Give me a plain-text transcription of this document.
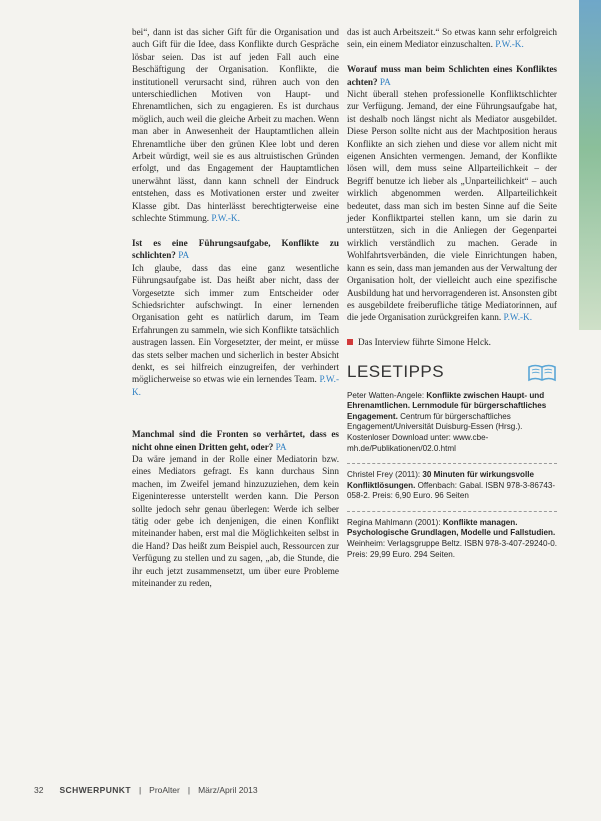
bei“, dann ist das sicher Gift für die Organisation und auch Gift für die Idee, dass Konflikte durch Gespräche lösbar seien. Das ist auf jeden Fall auch eine Beschäftigung der Organisation. Konflikte, die institutionell verursacht sind, rühren auch von den unterschiedlichen Motiven von Haupt- und Ehrenamtlichen, sich zu engagieren. Es ist durchaus möglich, auch weil die gleiche Arbeit zu machen. Wenn man aber in Anwesenheit der Hauptamtlichen allein Ehrenamtliche über den grünen Klee lobt und deren Arbeit würdigt, weil sie es aus altruistischen Gründen erfolgt, und das Engagement der Hauptamtlichen unerwähnt lässt, dann kann schnell der Eindruck entstehen, dass es Motivationen erster und zweiter Klasse gibt. Das hinterlässt berechtigterweise eine schlechte Stimmung. P.W.-K.

Ist es eine Führungsaufgabe, Konflikte zu schlichten? PA

Ich glaube, dass das eine ganz wesentliche Führungsaufgabe ist. Das heißt aber nicht, dass der Vorgesetzte sich immer zum Entscheider oder Schiedsrichter aufschwingt. In einer lernenden Organisation geht es natürlich darum, im Team Erfahrungen zu sammeln, wie sich Konflikte tatsächlich austragen lassen. Ein Vorgesetzter, der meint, er müsse das stets selber machen und sicherlich in bester Absicht denkt, es sei hilfreich einzugreifen, der verhindert möglicherweise so etwas wie ein lernendes Team. P.W.-K.

Manchmal sind die Fronten so verhärtet, dass es nicht ohne einen Dritten geht, oder? PA

Da wäre jemand in der Rolle einer Mediatorin bzw. eines Mediators gefragt. Es kann durchaus Sinn machen, im Zweifel jemand hinzuzuziehen, dem kein Eigeninteresse unterstellt werden kann. Die Person sollte jedoch sehr genau überlegen: Werde ich selber tätig oder gebe ich denjenigen, die einen Konflikt miteinander haben, erst mal die Möglichkeiten selbst in die Hand? Das heißt zum Beispiel auch, Ressourcen zur Verfügung zu stellen und zu sagen, „ab, die Stunde, die ihr euch jetzt zusammensetzt, um über eure Probleme miteinander zu reden,

das ist auch Arbeitszeit.“ So etwas kann sehr erfolgreich sein, ein einem Mediator einzuschalten. P.W.-K.

Worauf muss man beim Schlichten eines Konfliktes achten? PA

Nicht überall stehen professionelle Konfliktschlichter zur Verfügung. Jemand, der eine Führungsaufgabe hat, ist deshalb noch längst nicht als Mediator ausgebildet. Diese Person sollte nicht aus der Machtposition heraus Konflikte an sich ziehen und diese vor allem nicht mit eigenen Ansichten vermengen. Jemand, der Konflikte lösen will, dem muss seine Allparteilichkeit – der Begriff benutze ich lieber als „Unparteilichkeit“ – auch wirklich abgenommen werden. Allparteilichkeit bedeutet, dass man sich im besten Sinne auf die Seite jeder Konfliktpartei stellen kann, um sie darin zu unterstützen, sich in die Anliegen der Gegenpartei wirklich verständlich zu machen. Gerade in Wohlfahrtsverbänden, die viele Einrichtungen haben, kann es sein, dass man jemanden aus der Verwaltung der Organisation holt, der vielleicht auch eine spezifische Ausbildung hat und hervorragenderen ist. Ansonsten gibt es ausgebildete freiberufliche tätige Mediatorinnen, auf die jede Organisation zurückgreifen kann. P.W.-K.

Das Interview führte Simone Helck.
LESETIPPS
Peter Watten-Angele: Konflikte zwischen Haupt- und Ehrenamtlichen. Lernmodule für bürgerschaftliches Engagement. Centrum für bürgerschaftliches Engagement/Universität Duisburg-Essen (Hrsg.). Kostenloser Download unter: www.cbe-mh.de/Publikationen/02.0.html
Christel Frey (2011): 30 Minuten für wirkungsvolle Konfliktlösungen. Offenbach: Gabal. ISBN 978-3-86743-058-2. Preis: 6,90 Euro. 96 Seiten
Regina Mahlmann (2001): Konflikte managen. Psychologische Grundlagen, Modelle und Fallstudien. Weinheim: Verlagsgruppe Beltz. ISBN 978-3-407-29240-0. Preis: 29,99 Euro. 294 Seiten.
32 SCHWERPUNKT | ProAlter | März/April 2013
